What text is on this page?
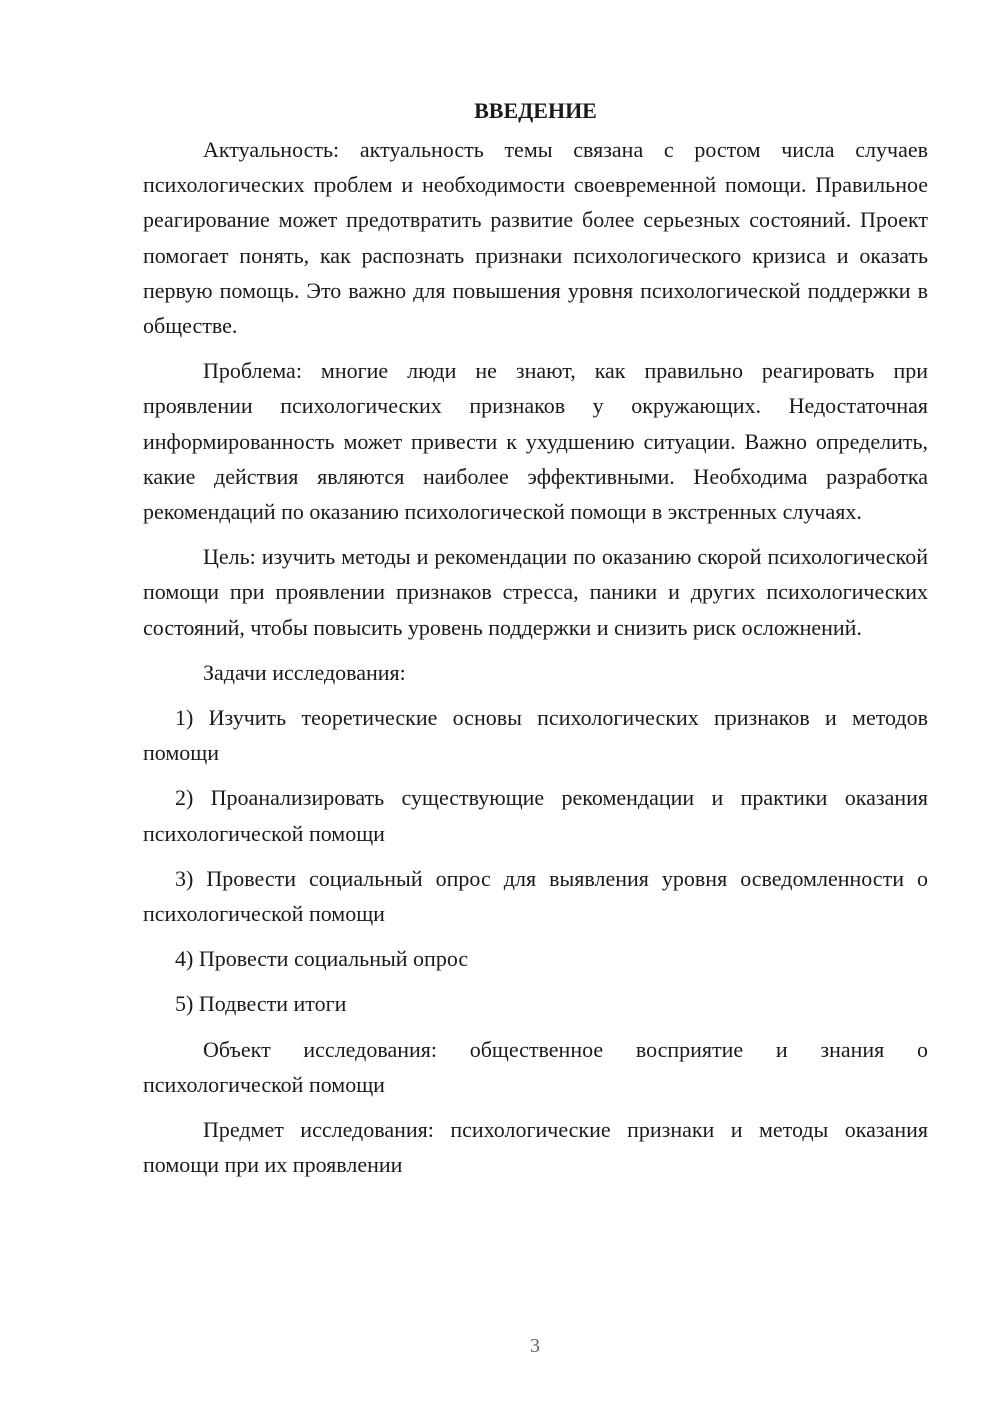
ВВЕДЕНИЕ

Актуальность: актуальность темы связана с ростом числа случаев психологических проблем и необходимости своевременной помощи. Правильное реагирование может предотвратить развитие более серьезных состояний. Проект помогает понять, как распознать признаки психологического кризиса и оказать первую помощь. Это важно для повышения уровня психологической поддержки в обществе.

Проблема: многие люди не знают, как правильно реагировать при проявлении психологических признаков у окружающих. Недостаточная информированность может привести к ухудшению ситуации. Важно определить, какие действия являются наиболее эффективными. Необходима разработка рекомендаций по оказанию психологической помощи в экстренных случаях.

Цель: изучить методы и рекомендации по оказанию скорой психологической помощи при проявлении признаков стресса, паники и других психологических состояний, чтобы повысить уровень поддержки и снизить риск осложнений.

Задачи исследования:

1) Изучить теоретические основы психологических признаков и методов помощи

2) Проанализировать существующие рекомендации и практики оказания психологической помощи

3) Провести социальный опрос для выявления уровня осведомленности о психологической помощи

4) Провести социальный опрос

5) Подвести итоги

Объект исследования: общественное восприятие и знания о психологической помощи

Предмет исследования: психологические признаки и методы оказания помощи при их проявлении

3
